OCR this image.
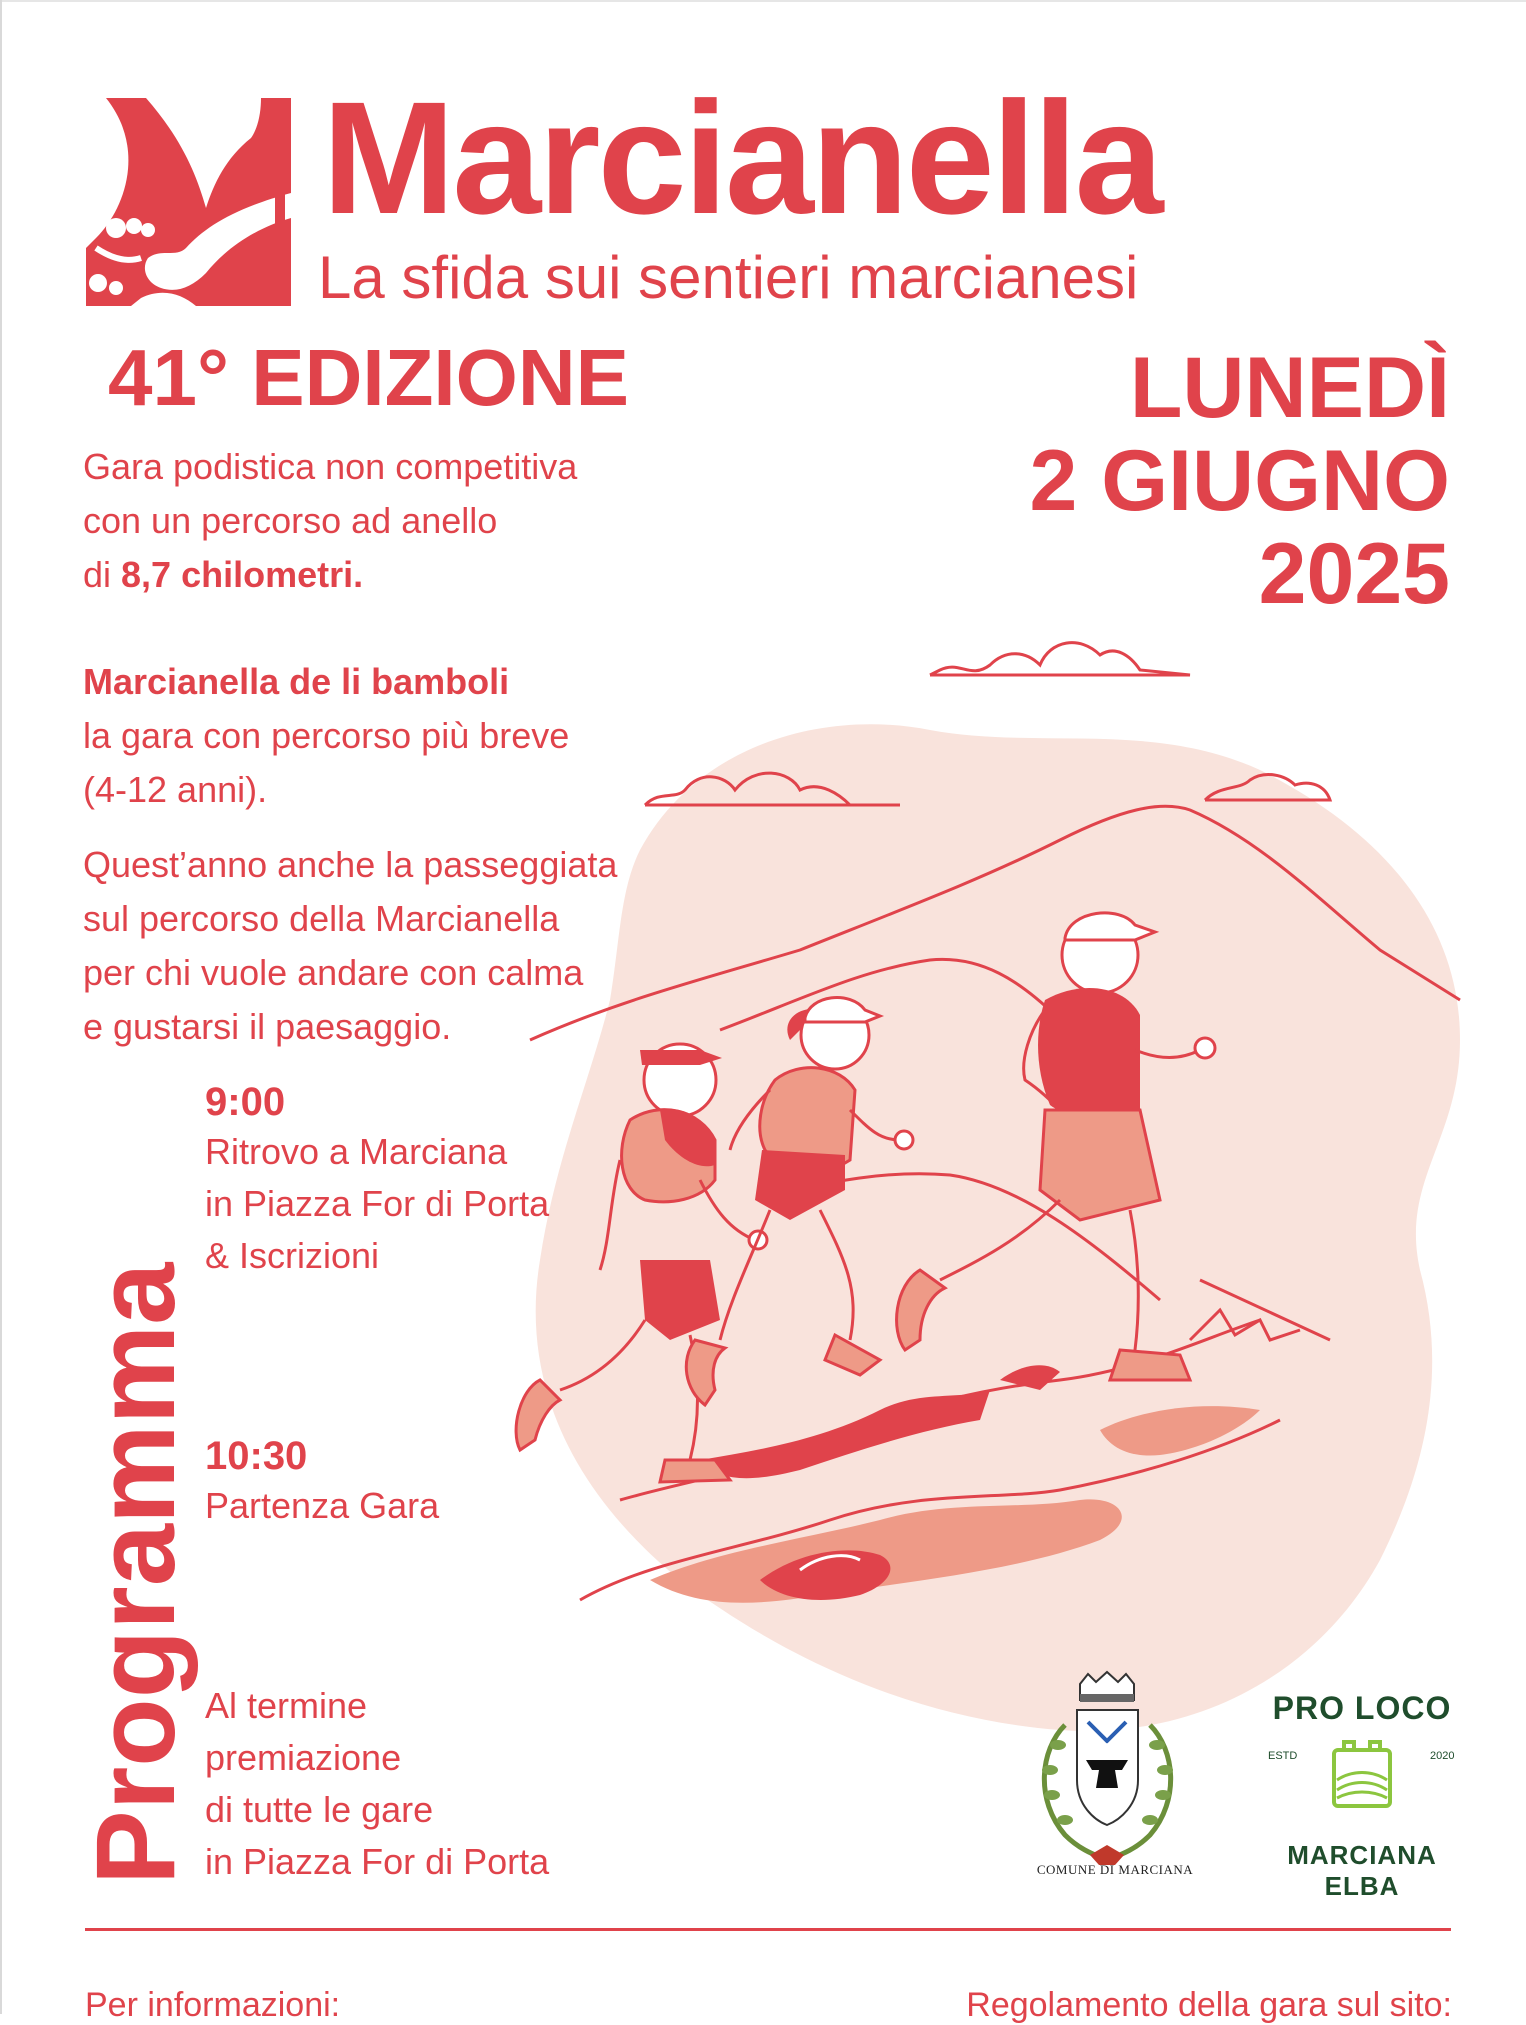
Marcianella
La sfida sui sentieri marcianesi
41° EDIZIONE	LUNEDÌ
2 GIUGNO
2025
Gara podistica non competitiva
con un percorso ad anello
di 8,7 chilometri.
Marcianella de li bamboli
la gara con percorso più breve
(4-12 anni).
Quest’anno anche la passeggiata
sul percorso della Marcianella
per chi vuole andare con calma
e gustarsi il paesaggio.
Programma
9:00
Ritrovo a Marciana
in Piazza For di Porta
& Iscrizioni
10:30
Partenza Gara
Al termine
premiazione
di tutte le gare
in Piazza For di Porta	COMUNE DI MARCIANA
PRO LOCO
MARCIANA ELBA
ESTD	2020
Per informazioni:	Regolamento della gara sul sito:
